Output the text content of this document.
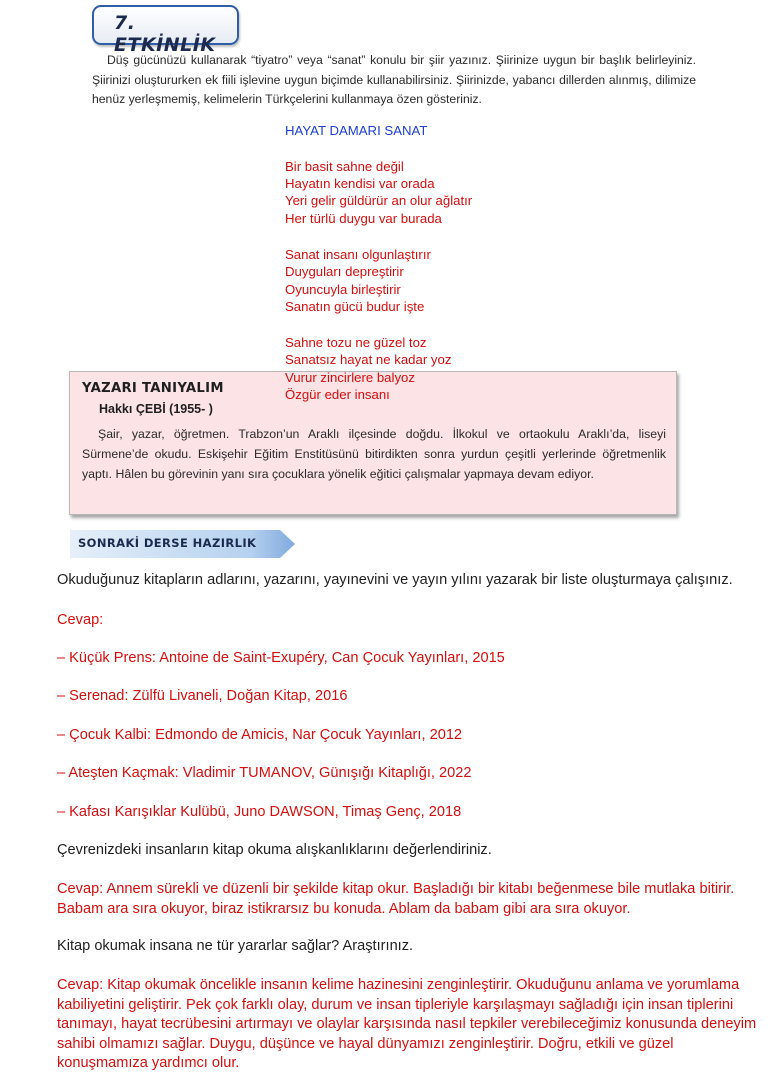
7. ETKİNLİK

Düş gücünüzü kullanarak “tiyatro” veya “sanat” konulu bir şiir yazınız. Şiirinize uygun bir başlık belirleyiniz. Şiirinizi oluştururken ek fiili işlevine uygun biçimde kullanabilirsiniz. Şiirinizde, yabancı dillerden alınmış, dilimize henüz yerleşmemiş, kelimelerin Türkçelerini kullanmaya özen gösteriniz.

HAYAT DAMARI SANAT
Bir basit sahne değil
Hayatın kendisi var orada
Yeri gelir güldürür an olur ağlatır
Her türlü duygu var burada
Sanat insanı olgunlaştırır
Duyguları depreştirir
Oyuncuyla birleştirir
Sanatın gücü budur işte
Sahne tozu ne güzel toz
Sanatsız hayat ne kadar yoz
YAZARI TANIYALIM
Hakkı ÇEBİ (1955- )

Şair, yazar, öğretmen. Trabzon’un Araklı ilçesinde doğdu. İlkokul ve ortaokulu Araklı’da, liseyi Sürmene’de okudu. Eskişehir Eğitim Enstitüsünü bitirdikten sonra yurdun çeşitli yerlerinde öğretmenlik yaptı. Hâlen bu görevinin yanı sıra çocuklara yönelik eğitici çalışmalar yapmaya devam ediyor.

Vurur zincirlere balyoz
Özgür eder insanı
SONRAKİ DERSE HAZIRLIK
Okuduğunuz kitapların adlarını, yazarını, yayınevini ve yayın yılını yazarak bir liste oluşturmaya çalışınız.
Cevap:
– Küçük Prens: Antoine de Saint-Exupéry, Can Çocuk Yayınları, 2015
– Serenad: Zülfü Livaneli, Doğan Kitap, 2016
– Çocuk Kalbi: Edmondo de Amicis, Nar Çocuk Yayınları, 2012
– Ateşten Kaçmak: Vladimir TUMANOV, Günışığı Kitaplığı, 2022
– Kafası Karışıklar Kulübü, Juno DAWSON, Timaş Genç, 2018
Çevrenizdeki insanların kitap okuma alışkanlıklarını değerlendiriniz.

Cevap: Annem sürekli ve düzenli bir şekilde kitap okur. Başladığı bir kitabı beğenmese bile mutlaka bitirir. Babam ara sıra okuyor, biraz istikrarsız bu konuda. Ablam da babam gibi ara sıra okuyor.

Kitap okumak insana ne tür yararlar sağlar? Araştırınız.

Cevap: Kitap okumak öncelikle insanın kelime hazinesini zenginleştirir. Okuduğunu anlama ve yorumlama kabiliyetini geliştirir. Pek çok farklı olay, durum ve insan tipleriyle karşılaşmayı sağladığı için insan tiplerini tanımayı, hayat tecrübesini artırmayı ve olaylar karşısında nasıl tepkiler verebileceğimiz konusunda deneyim sahibi olmamızı sağlar. Duygu, düşünce ve hayal dünyamızı zenginleştirir. Doğru, etkili ve güzel konuşmamıza yardımcı olur.
